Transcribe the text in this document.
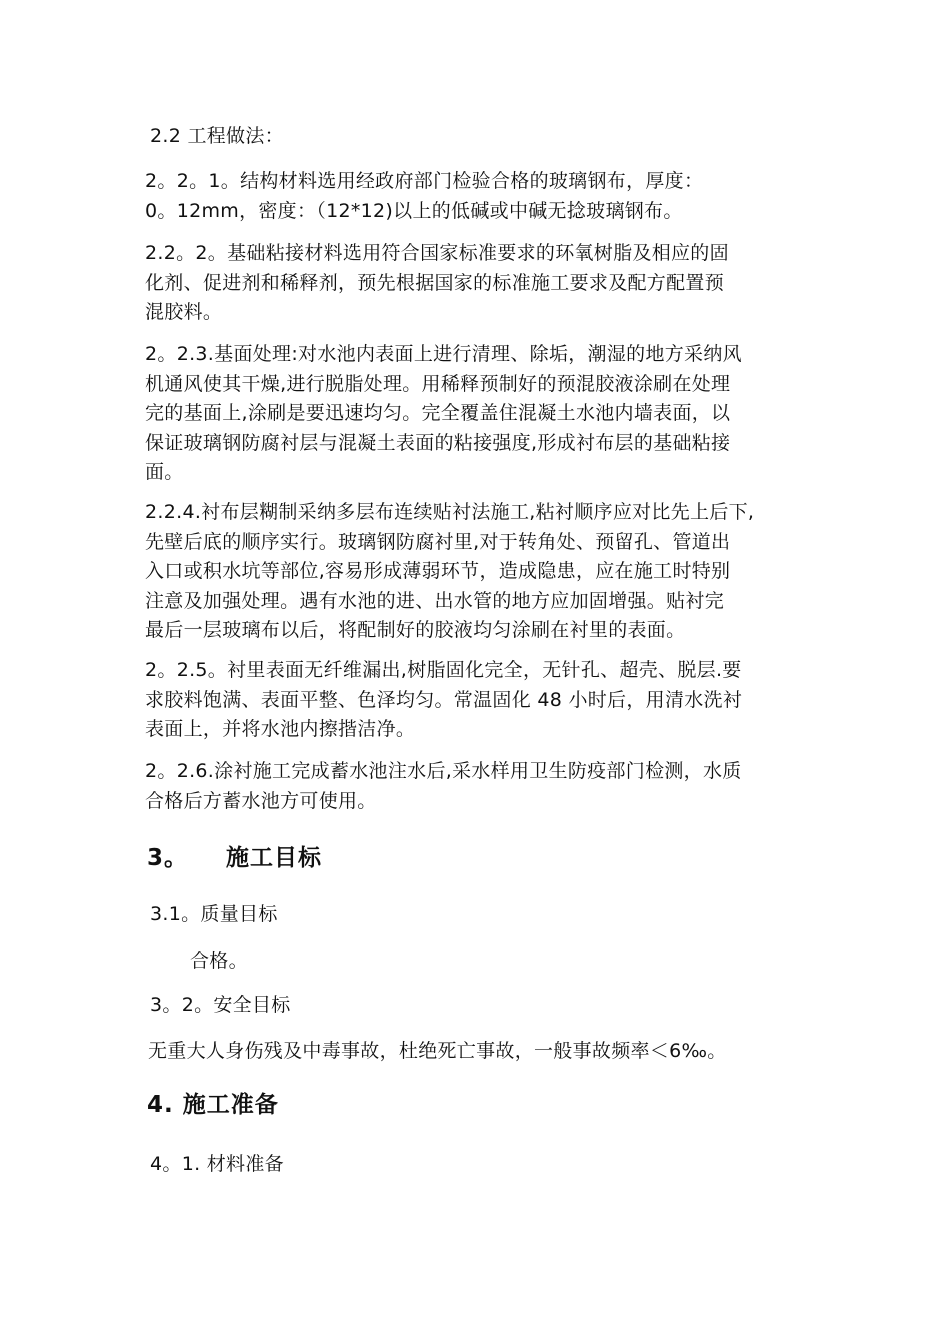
2.2 工程做法：

2。2。1。结构材料选用经政府部门检验合格的玻璃钢布，厚度：
0。12mm，密度：（12*12)以上的低碱或中碱无捻玻璃钢布。
2.2。2。基础粘接材料选用符合国家标准要求的环氧树脂及相应的固
化剂、促进剂和稀释剂，预先根据国家的标准施工要求及配方配置预
混胶料。
2。2.3.基面处理:对水池内表面上进行清理、除垢，潮湿的地方采纳风
机通风使其干燥,进行脱脂处理。用稀释预制好的预混胶液涂刷在处理
完的基面上,涂刷是要迅速均匀。完全覆盖住混凝土水池内墙表面，以
保证玻璃钢防腐衬层与混凝土表面的粘接强度,形成衬布层的基础粘接
面。
2.2.4.衬布层糊制采纳多层布连续贴衬法施工,粘衬顺序应对比先上后下,
先壁后底的顺序实行。玻璃钢防腐衬里,对于转角处、预留孔、管道出
入口或积水坑等部位,容易形成薄弱环节，造成隐患，应在施工时特别
注意及加强处理。遇有水池的进、出水管的地方应加固增强。贴衬完
最后一层玻璃布以后，将配制好的胶液均匀涂刷在衬里的表面。
2。2.5。衬里表面无纤维漏出,树脂固化完全，无针孔、超壳、脱层.要
求胶料饱满、表面平整、色泽均匀。常温固化 48 小时后，用清水洗衬
表面上，并将水池内擦揩洁净。
2。2.6.涂衬施工完成蓄水池注水后,采水样用卫生防疫部门检测，水质
合格后方蓄水池方可使用。
3。 施工目标

3.1。质量目标

合格。

3。2。安全目标

无重大人身伤残及中毒事故，杜绝死亡事故，一般事故频率＜6‰。

4. 施工准备

4。1. 材料准备
